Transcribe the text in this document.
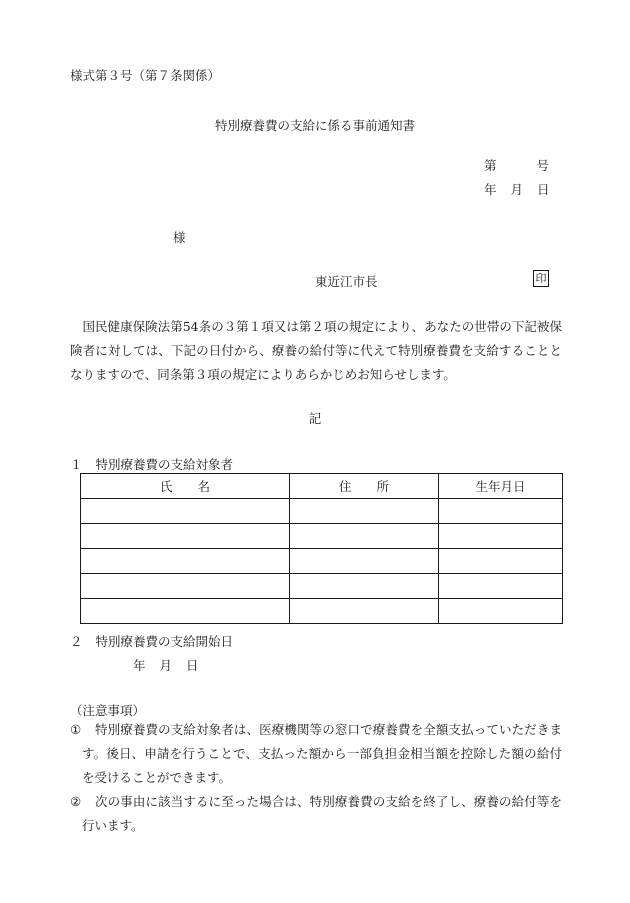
様式第３号（第７条関係）
特別療養費の支給に係る事前通知書
第	号
年 月 日
様
東近江市長	印
国民健康保険法第54条の３第１項又は第２項の規定により、あなたの世帯の下記被保険者に対しては、下記の日付から、療養の給付等に代えて特別療養費を支給することとなりますので、同条第３項の規定によりあらかじめお知らせします。
記
１ 特別療養費の支給対象者
氏　　名	住　　所	生年月日

２ 特別療養費の支給開始日
年 月 日
（注意事項）
①	特別療養費の支給対象者は、医療機関等の窓口で療養費を全額支払っていただきます。後日、申請を行うことで、支払った額から一部負担金相当額を控除した額の給付を受けることができます。
②	次の事由に該当するに至った場合は、特別療養費の支給を終了し、療養の給付等を行います。
